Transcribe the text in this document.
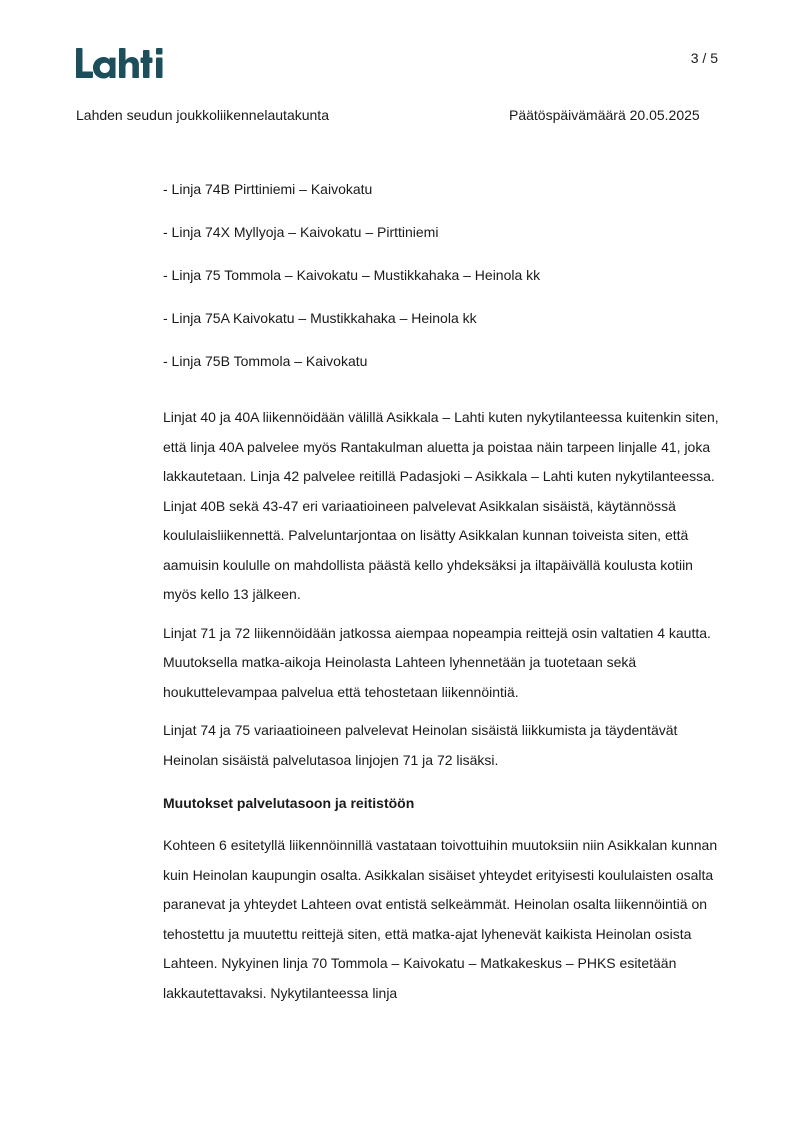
3 / 5
Lahden seudun joukkoliikennelautakunta	Päätöspäivämäärä 20.05.2025
- Linja 74B Pirttiniemi – Kaivokatu
- Linja 74X Myllyoja – Kaivokatu – Pirttiniemi
- Linja 75 Tommola – Kaivokatu – Mustikkahaka – Heinola kk
- Linja 75A Kaivokatu – Mustikkahaka – Heinola kk
- Linja 75B Tommola – Kaivokatu

Linjat 40 ja 40A liikennöidään välillä Asikkala – Lahti kuten nykytilanteessa kuitenkin siten, että linja 40A palvelee myös Rantakulman aluetta ja poistaa näin tarpeen linjalle 41, joka lakkautetaan. Linja 42 palvelee reitillä Padasjoki – Asikkala – Lahti kuten nykytilanteessa. Linjat 40B sekä 43-47 eri variaatioineen palvelevat Asikkalan sisäistä, käytännössä koululaisliikennettä. Palveluntarjontaa on lisätty Asikkalan kunnan toiveista siten, että aamuisin koululle on mahdollista päästä kello yhdeksäksi ja iltapäivällä koulusta kotiin myös kello 13 jälkeen.

Linjat 71 ja 72 liikennöidään jatkossa aiempaa nopeampia reittejä osin valtatien 4 kautta. Muutoksella matka-aikoja Heinolasta Lahteen lyhennetään ja tuotetaan sekä houkuttelevampaa palvelua että tehostetaan liikennöintiä.

Linjat 74 ja 75 variaatioineen palvelevat Heinolan sisäistä liikkumista ja täydentävät Heinolan sisäistä palvelutasoa linjojen 71 ja 72 lisäksi.

Muutokset palvelutasoon ja reitistöön

Kohteen 6 esitetyllä liikennöinnillä vastataan toivottuihin muutoksiin niin Asikkalan kunnan kuin Heinolan kaupungin osalta. Asikkalan sisäiset yhteydet erityisesti koululaisten osalta paranevat ja yhteydet Lahteen ovat entistä selkeämmät. Heinolan osalta liikennöintiä on tehostettu ja muutettu reittejä siten, että matka-ajat lyhenevät kaikista Heinolan osista Lahteen. Nykyinen linja 70 Tommola – Kaivokatu – Matkakeskus – PHKS esitetään lakkautettavaksi. Nykytilanteessa linja
